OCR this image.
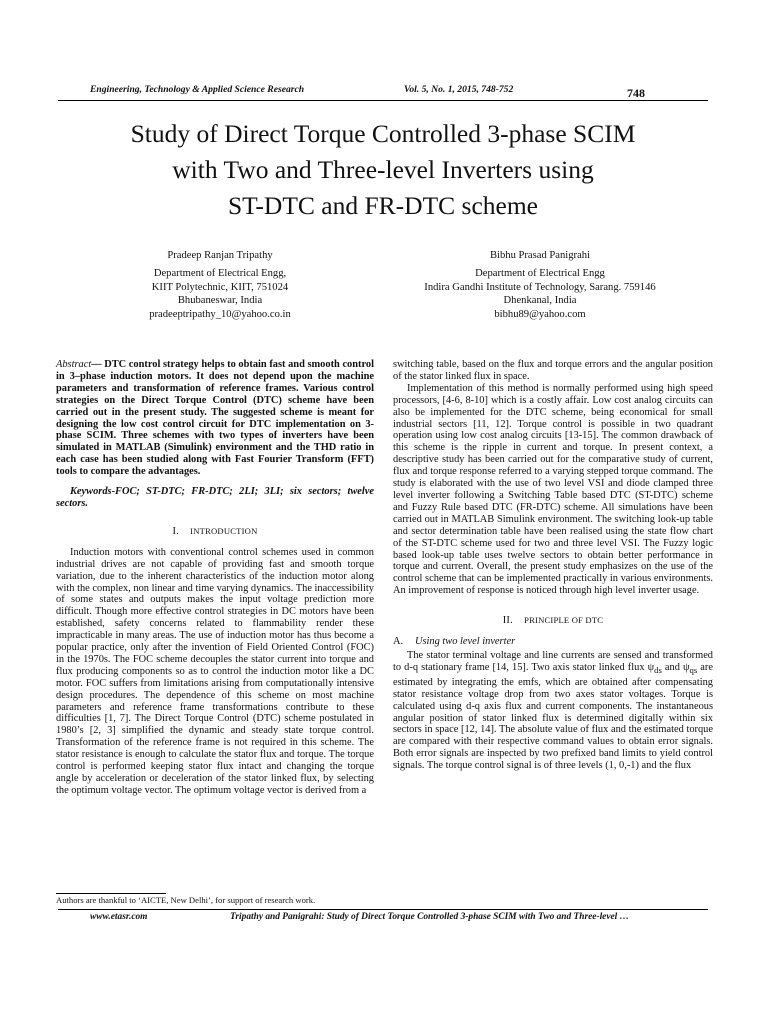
Engineering, Technology & Applied Science Research	Vol. 5, No. 1, 2015, 748-752	748
Study of Direct Torque Controlled 3-phase SCIM
with Two and Three-level Inverters using
ST-DTC and FR-DTC scheme
Pradeep Ranjan Tripathy
Department of Electrical Engg,
KIIT Polytechnic, KIIT, 751024
Bhubaneswar, India
pradeeptripathy_10@yahoo.co.in
Bibhu Prasad Panigrahi
Department of Electrical Engg
Indira Gandhi Institute of Technology, Sarang. 759146
Dhenkanal, India
bibhu89@yahoo.com

Abstract— DTC control strategy helps to obtain fast and smooth control in 3–phase induction motors. It does not depend upon the machine parameters and transformation of reference frames. Various control strategies on the Direct Torque Control (DTC) scheme have been carried out in the present study. The suggested scheme is meant for designing the low cost control circuit for DTC implementation on 3-phase SCIM. Three schemes with two types of inverters have been simulated in MATLAB (Simulink) environment and the THD ratio in each case has been studied along with Fast Fourier Transform (FFT) tools to compare the advantages.

Keywords-FOC; ST-DTC; FR-DTC; 2LI; 3LI; six sectors; twelve sectors.

I. INTRODUCTION

Induction motors with conventional control schemes used in common industrial drives are not capable of providing fast and smooth torque variation, due to the inherent characteristics of the induction motor along with the complex, non linear and time varying dynamics. The inaccessibility of some states and outputs makes the input voltage prediction more difficult. Though more effective control strategies in DC motors have been established, safety concerns related to flammability render these impracticable in many areas. The use of induction motor has thus become a popular practice, only after the invention of Field Oriented Control (FOC) in the 1970s. The FOC scheme decouples the stator current into torque and flux producing components so as to control the induction motor like a DC motor. FOC suffers from limitations arising from computationally intensive design procedures. The dependence of this scheme on most machine parameters and reference frame transformations contribute to these difficulties [1, 7]. The Direct Torque Control (DTC) scheme postulated in 1980’s [2, 3] simplified the dynamic and steady state torque control. Transformation of the reference frame is not required in this scheme. The stator resistance is enough to calculate the stator flux and torque. The torque control is performed keeping stator flux intact and changing the torque angle by acceleration or deceleration of the stator linked flux, by selecting the optimum voltage vector. The optimum voltage vector is derived from a

switching table, based on the flux and torque errors and the angular position of the stator linked flux in space.

Implementation of this method is normally performed using high speed processors, [4-6, 8-10] which is a costly affair. Low cost analog circuits can also be implemented for the DTC scheme, being economical for small industrial sectors [11, 12]. Torque control is possible in two quadrant operation using low cost analog circuits [13-15]. The common drawback of this scheme is the ripple in current and torque. In present context, a descriptive study has been carried out for the comparative study of current, flux and torque response referred to a varying stepped torque command. The study is elaborated with the use of two level VSI and diode clamped three level inverter following a Switching Table based DTC (ST-DTC) scheme and Fuzzy Rule based DTC (FR-DTC) scheme. All simulations have been carried out in MATLAB Simulink environment. The switching look-up table and sector determination table have been realised using the state flow chart of the ST-DTC scheme used for two and three level VSI. The Fuzzy logic based look-up table uses twelve sectors to obtain better performance in torque and current. Overall, the present study emphasizes on the use of the control scheme that can be implemented practically in various environments. An improvement of response is noticed through high level inverter usage.

II. PRINCIPLE OF DTC

A. Using two level inverter

The stator terminal voltage and line currents are sensed and transformed to d-q stationary frame [14, 15]. Two axis stator linked flux $\psi_{ds}$ and $\psi_{qs}$ are estimated by integrating the emfs, which are obtained after compensating stator resistance voltage drop from two axes stator voltages. Torque is calculated using d-q axis flux and current components. The instantaneous angular position of stator linked flux is determined digitally within six sectors in space [12, 14]. The absolute value of flux and the estimated torque are compared with their respective command values to obtain error signals. Both error signals are inspected by two prefixed band limits to yield control signals. The torque control signal is of three levels (1, 0,-1) and the flux

Authors are thankful to ‘AICTE, New Delhi’, for support of research work.
www.etasr.com	Tripathy and Panigrahi: Study of Direct Torque Controlled 3-phase SCIM with Two and Three-level …
